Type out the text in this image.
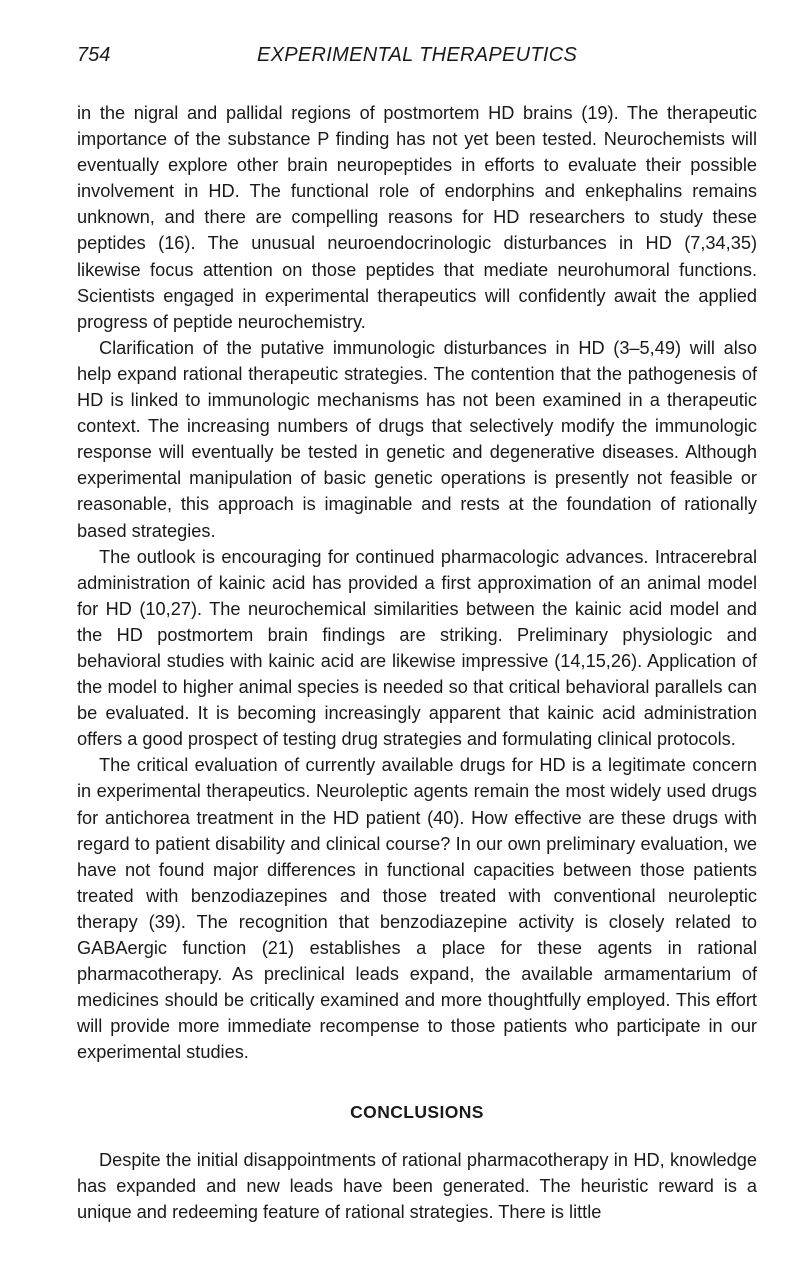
754	EXPERIMENTAL THERAPEUTICS

in the nigral and pallidal regions of postmortem HD brains (19). The therapeutic importance of the substance P finding has not yet been tested. Neurochemists will eventually explore other brain neuropeptides in efforts to evaluate their possible involvement in HD. The functional role of endorphins and enkephalins remains unknown, and there are compelling reasons for HD researchers to study these peptides (16). The unusual neuroendocrinologic disturbances in HD (7,34,35) likewise focus attention on those peptides that mediate neurohumoral functions. Scientists engaged in experimental therapeutics will confidently await the applied progress of peptide neurochemistry.

Clarification of the putative immunologic disturbances in HD (3–5,49) will also help expand rational therapeutic strategies. The contention that the pathogenesis of HD is linked to immunologic mechanisms has not been examined in a therapeutic context. The increasing numbers of drugs that selectively modify the immunologic response will eventually be tested in genetic and degenerative diseases. Although experimental manipulation of basic genetic operations is presently not feasible or reasonable, this approach is imaginable and rests at the foundation of rationally based strategies.

The outlook is encouraging for continued pharmacologic advances. Intracerebral administration of kainic acid has provided a first approximation of an animal model for HD (10,27). The neurochemical similarities between the kainic acid model and the HD postmortem brain findings are striking. Preliminary physiologic and behavioral studies with kainic acid are likewise impressive (14,15,26). Application of the model to higher animal species is needed so that critical behavioral parallels can be evaluated. It is becoming increasingly apparent that kainic acid administration offers a good prospect of testing drug strategies and formulating clinical protocols.

The critical evaluation of currently available drugs for HD is a legitimate concern in experimental therapeutics. Neuroleptic agents remain the most widely used drugs for antichorea treatment in the HD patient (40). How effective are these drugs with regard to patient disability and clinical course? In our own preliminary evaluation, we have not found major differences in functional capacities between those patients treated with benzodiazepines and those treated with conventional neuroleptic therapy (39). The recognition that benzodiazepine activity is closely related to GABAergic function (21) establishes a place for these agents in rational pharmacotherapy. As preclinical leads expand, the available armamentarium of medicines should be critically examined and more thoughtfully employed. This effort will provide more immediate recompense to those patients who participate in our experimental studies.

CONCLUSIONS

Despite the initial disappointments of rational pharmacotherapy in HD, knowledge has expanded and new leads have been generated. The heuristic reward is a unique and redeeming feature of rational strategies. There is little
